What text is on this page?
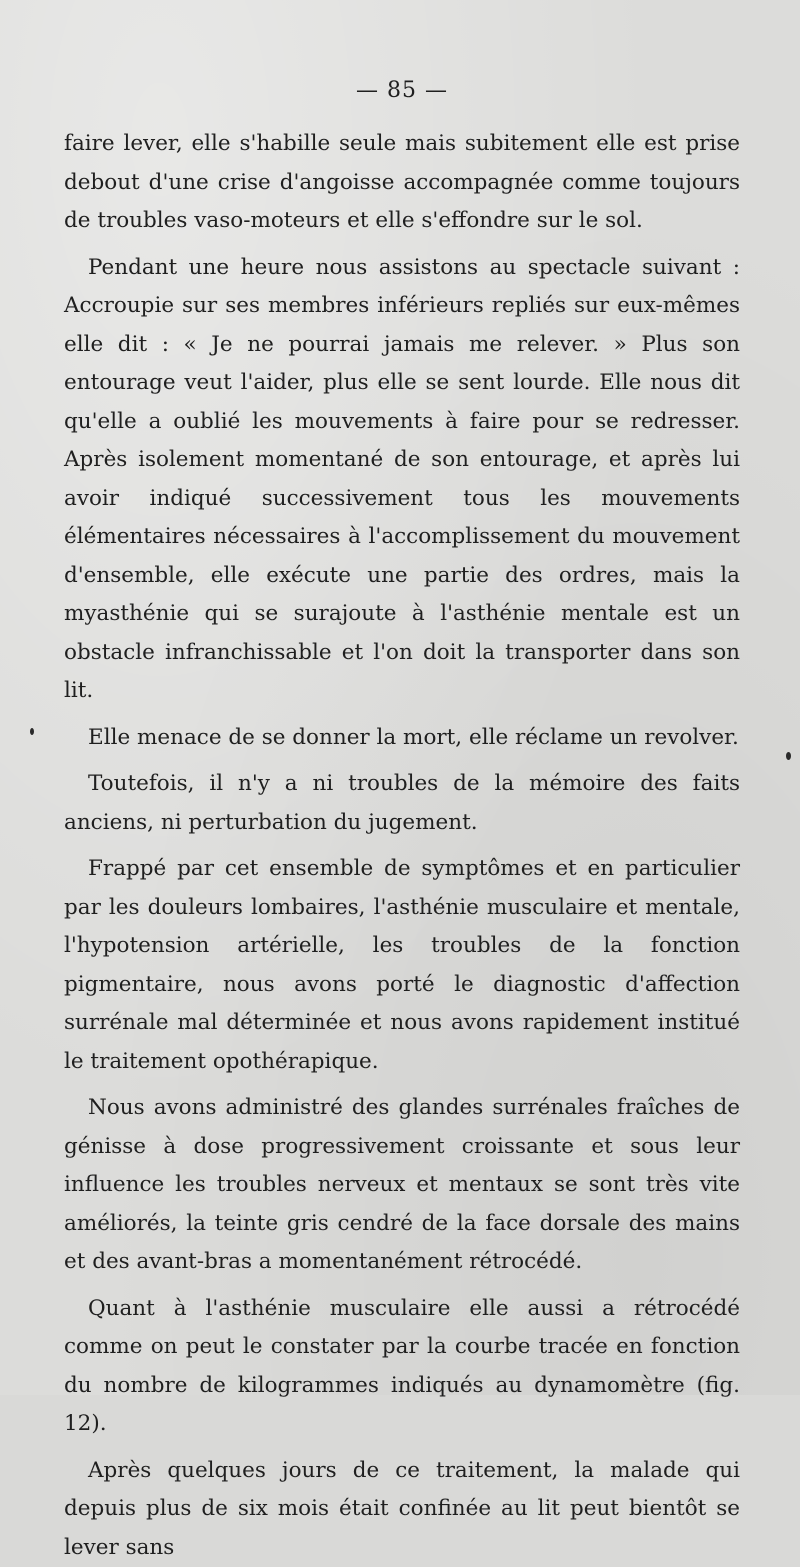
— 85 —

faire lever, elle s'habille seule mais subitement elle est prise debout d'une crise d'angoisse accompagnée comme toujours de troubles vaso-moteurs et elle s'effondre sur le sol.

Pendant une heure nous assistons au spectacle suivant : Accroupie sur ses membres inférieurs repliés sur eux-mêmes elle dit : « Je ne pourrai jamais me relever. » Plus son entourage veut l'aider, plus elle se sent lourde. Elle nous dit qu'elle a oublié les mouvements à faire pour se redresser. Après isolement momentané de son entourage, et après lui avoir indiqué successivement tous les mouvements élémentaires nécessaires à l'accomplissement du mouvement d'ensemble, elle exécute une partie des ordres, mais la myasthénie qui se surajoute à l'asthénie mentale est un obstacle infranchissable et l'on doit la transporter dans son lit.

Elle menace de se donner la mort, elle réclame un revolver.

Toutefois, il n'y a ni troubles de la mémoire des faits anciens, ni perturbation du jugement.

Frappé par cet ensemble de symptômes et en particulier par les douleurs lombaires, l'asthénie musculaire et mentale, l'hypotension artérielle, les troubles de la fonction pigmentaire, nous avons porté le diagnostic d'affection surrénale mal déterminée et nous avons rapidement institué le traitement opothérapique.

Nous avons administré des glandes surrénales fraîches de génisse à dose progressivement croissante et sous leur influence les troubles nerveux et mentaux se sont très vite améliorés, la teinte gris cendré de la face dorsale des mains et des avant-bras a momentanément rétrocédé.

Quant à l'asthénie musculaire elle aussi a rétrocédé comme on peut le constater par la courbe tracée en fonction du nombre de kilogrammes indiqués au dynamomètre (fig. 12).

Après quelques jours de ce traitement, la malade qui depuis plus de six mois était confinée au lit peut bientôt se lever sans
